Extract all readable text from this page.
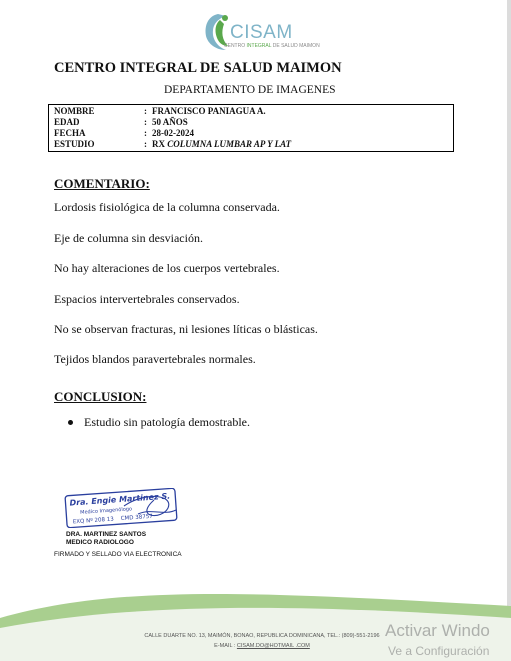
CISAM
CENTRO INTEGRAL DE SALUD MAIMON
CENTRO INTEGRAL DE SALUD MAIMON
DEPARTAMENTO DE IMAGENES
NOMBRE	: FRANCISCO PANIAGUA A.
EDAD	: 50 AÑOS
FECHA	: 28-02-2024
ESTUDIO	: RX COLUMNA LUMBAR AP Y LAT
COMENTARIO:
Lordosis fisiológica de la columna conservada.
Eje de columna sin desviación.
No hay alteraciones de los cuerpos vertebrales.
Espacios intervertebrales conservados.
No se observan fracturas, ni lesiones líticas o blásticas.
Tejidos blandos paravertebrales normales.
CONCLUSION:
Estudio sin patología demostrable.
Dra. Engie Martinez S.
Medico Imagenólogo
EXQ Nº 208 13 CMD 38757
DRA. MARTINEZ SANTOS
MEDICO RADIOLOGO
FIRMADO Y SELLADO VIA ELECTRONICA
CALLE DUARTE NO. 13, MAIMÓN, BONAO, REPUBLICA DOMINICANA, TEL.: (809)-551-2196
E-MAIL : CISAM.DO@HOTMAIL .COM
Activar Windo
Ve a Configuración
